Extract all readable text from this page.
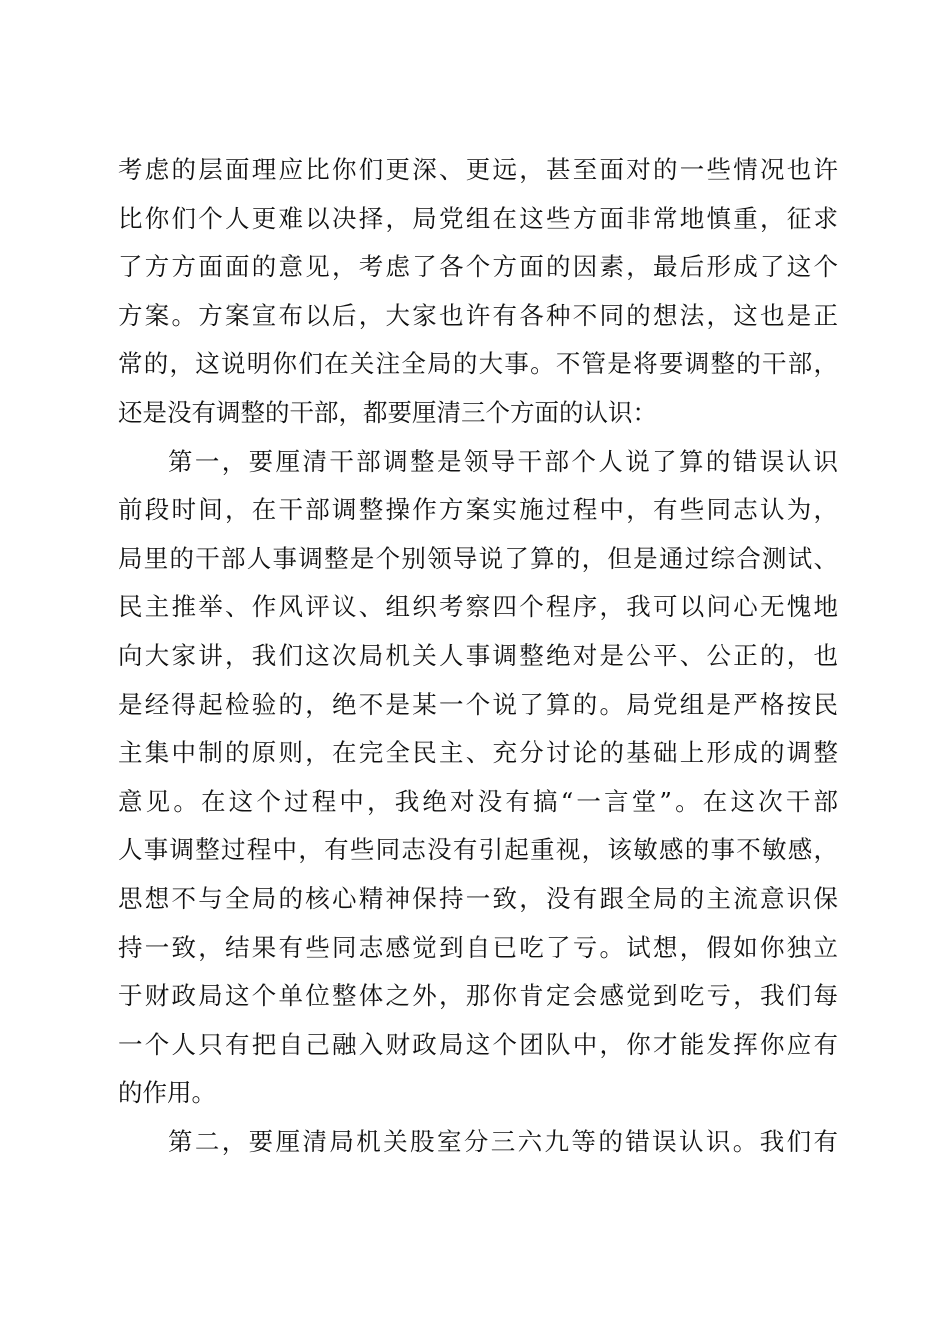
考虑的层面理应比你们更深、更远，甚至面对的一些情况也许
比你们个人更难以决择，局党组在这些方面非常地慎重，征求
了方方面面的意见，考虑了各个方面的因素，最后形成了这个
方案。方案宣布以后，大家也许有各种不同的想法，这也是正
常的，这说明你们在关注全局的大事。不管是将要调整的干部，
还是没有调整的干部，都要厘清三个方面的认识：
第一，要厘清干部调整是领导干部个人说了算的错误认识
前段时间，在干部调整操作方案实施过程中，有些同志认为，
局里的干部人事调整是个别领导说了算的，但是通过综合测试、
民主推举、作风评议、组织考察四个程序，我可以问心无愧地
向大家讲，我们这次局机关人事调整绝对是公平、公正的，也
是经得起检验的，绝不是某一个说了算的。局党组是严格按民
主集中制的原则，在完全民主、充分讨论的基础上形成的调整
意见。在这个过程中，我绝对没有搞“一言堂”。在这次干部
人事调整过程中，有些同志没有引起重视，该敏感的事不敏感，
思想不与全局的核心精神保持一致，没有跟全局的主流意识保
持一致，结果有些同志感觉到自已吃了亏。试想，假如你独立
于财政局这个单位整体之外，那你肯定会感觉到吃亏，我们每
一个人只有把自己融入财政局这个团队中，你才能发挥你应有
的作用。
第二，要厘清局机关股室分三六九等的错误认识。我们有
